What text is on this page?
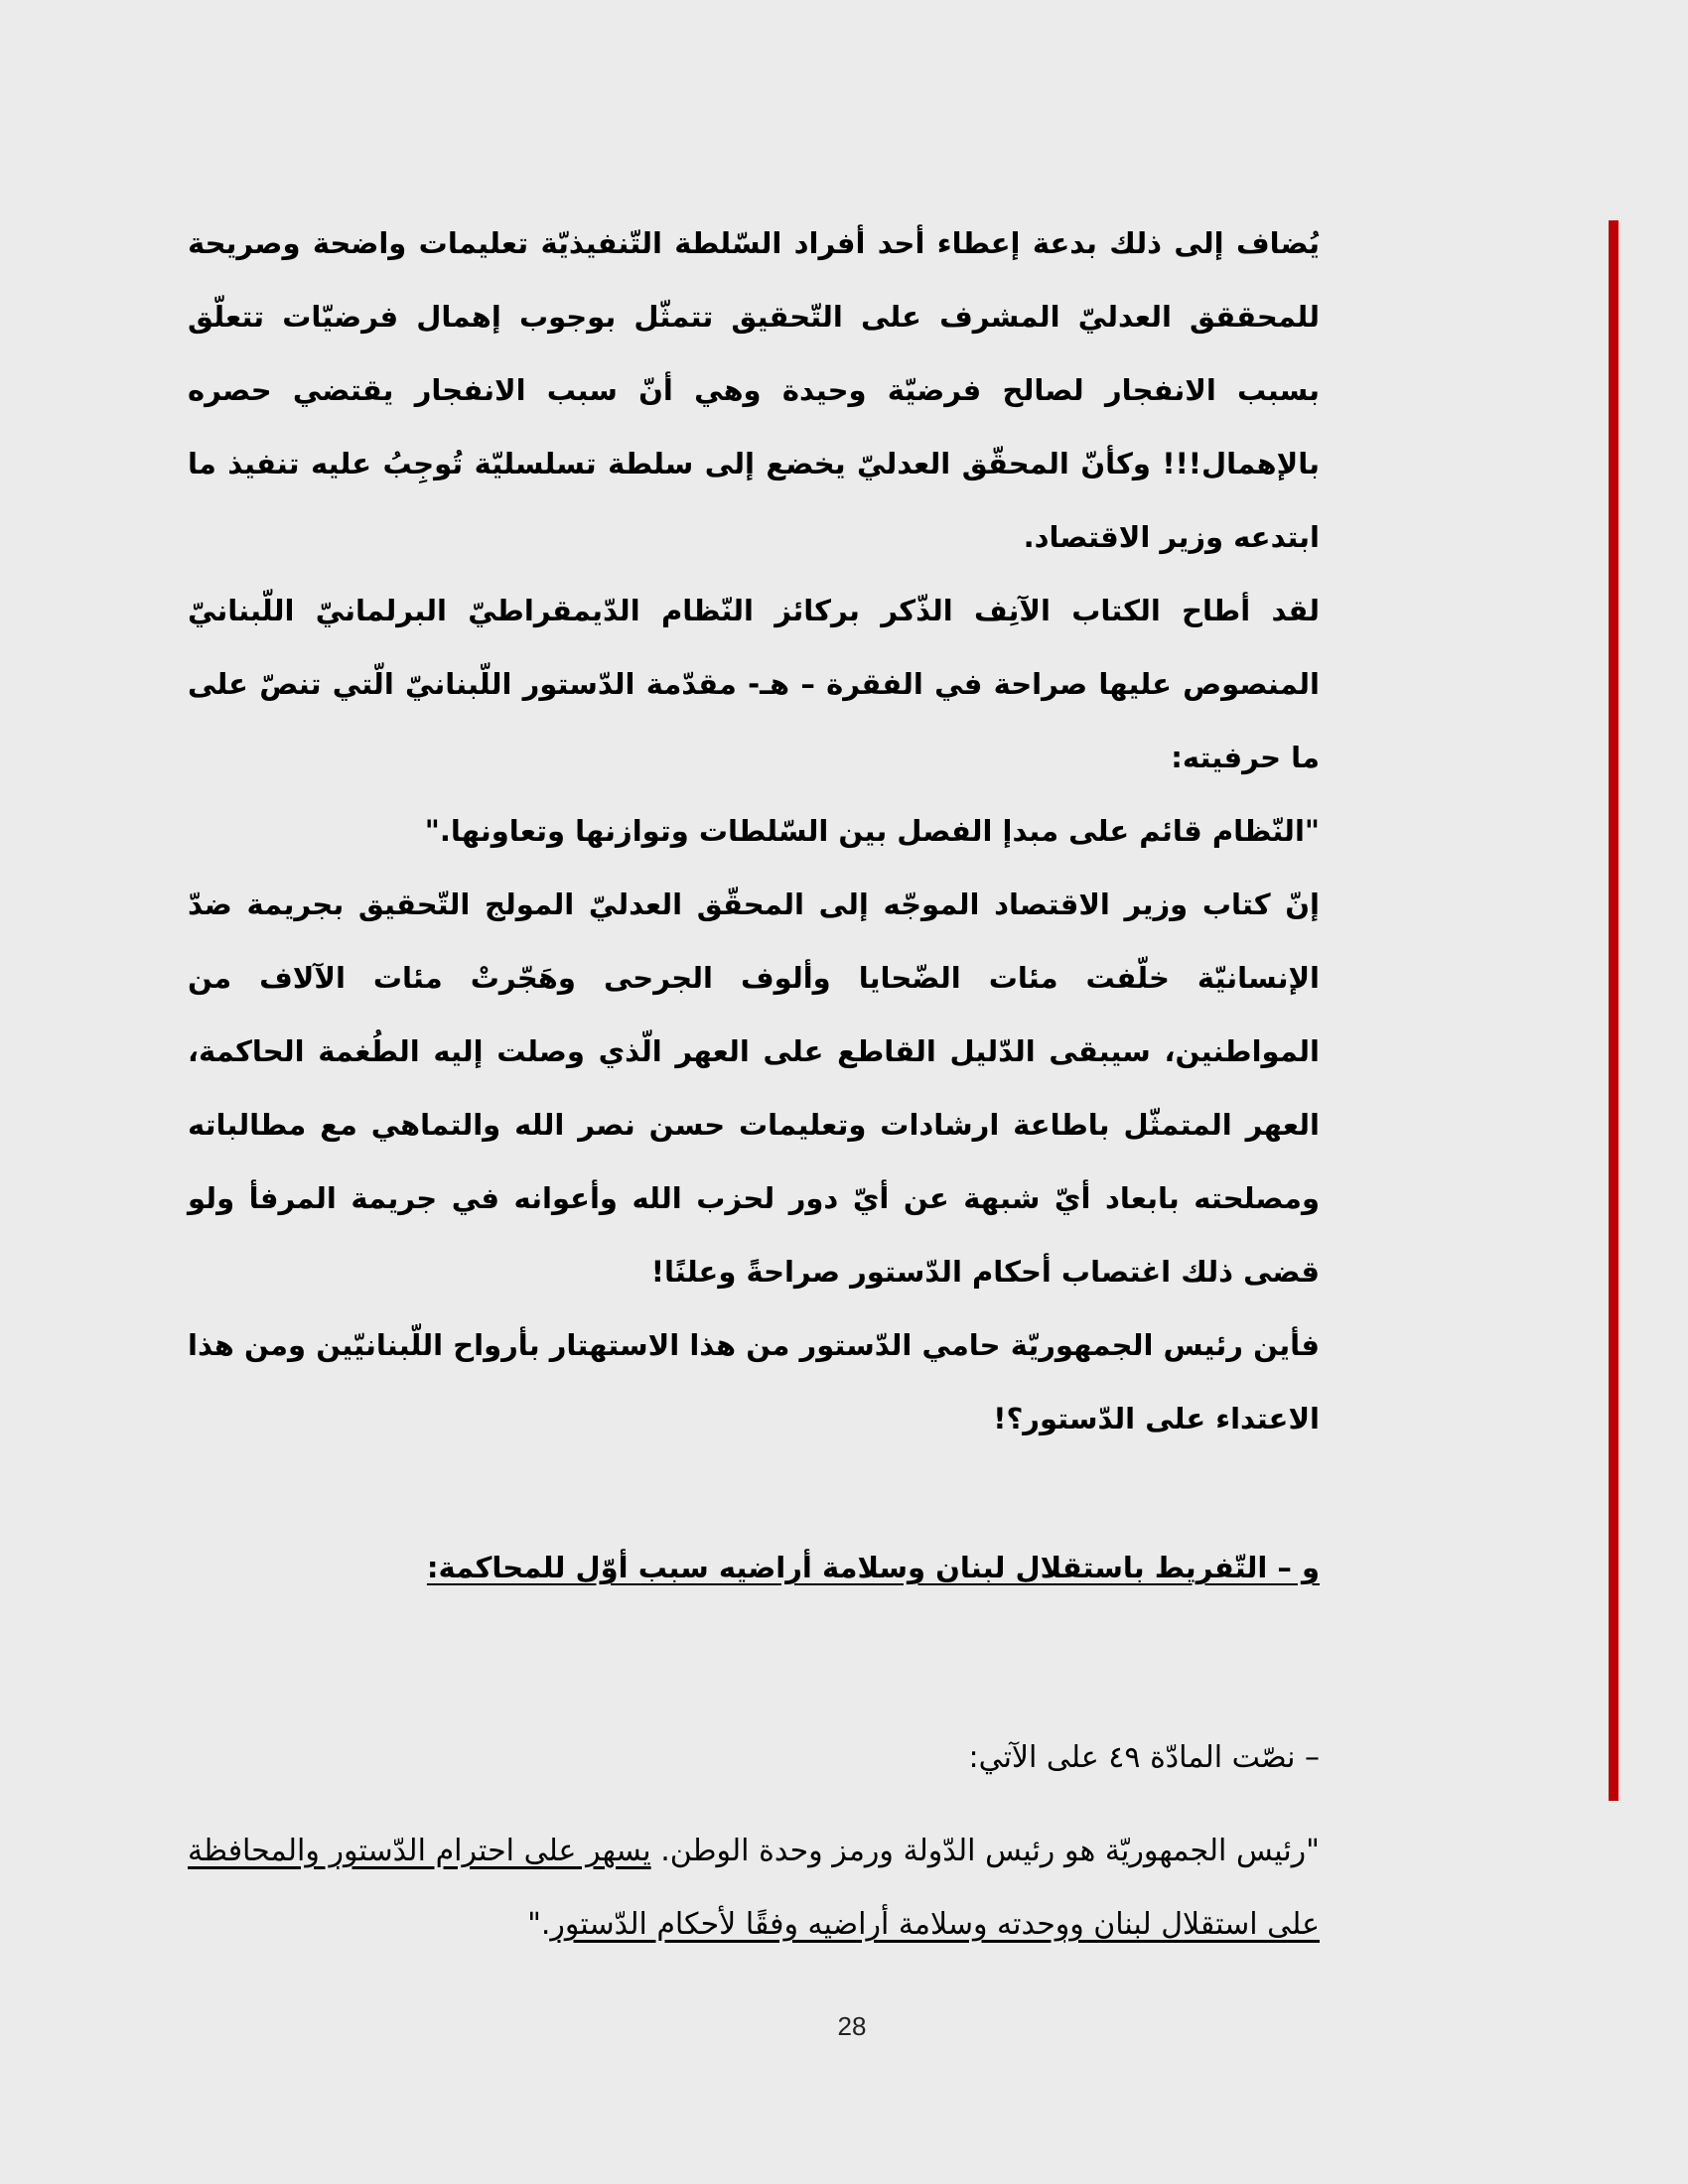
يُضاف إلى ذلك بدعة إعطاء أحد أفراد السّلطة التّنفيذيّة تعليمات واضحة وصريحة للمحققق العدليّ المشرف على التّحقيق تتمثّل بوجوب إهمال فرضيّات تتعلّق بسبب الانفجار لصالح فرضيّة وحيدة وهي أنّ سبب الانفجار يقتضي حصره بالإهمال!!! وكأنّ المحقّق العدليّ يخضع إلى سلطة تسلسليّة تُوجِبُ عليه تنفيذ ما ابتدعه وزير الاقتصاد.

لقد أطاح الكتاب الآنِف الذّكر بركائز النّظام الدّيمقراطيّ البرلمانيّ اللّبنانيّ المنصوص عليها صراحة في الفقرة – هـ- مقدّمة الدّستور اللّبنانيّ الّتي تنصّ على ما حرفيته:

"النّظام قائم على مبدإ الفصل بين السّلطات وتوازنها وتعاونها."

إنّ كتاب وزير الاقتصاد الموجّه إلى المحقّق العدليّ المولج التّحقيق بجريمة ضدّ الإنسانيّة خلّفت مئات الضّحايا وألوف الجرحى وهَجّرتْ مئات الآلاف من المواطنين، سيبقى الدّليل القاطع على العهر الّذي وصلت إليه الطُغمة الحاكمة، العهر المتمثّل باطاعة ارشادات وتعليمات حسن نصر الله والتماهي مع مطالباته ومصلحته بابعاد أيّ شبهة عن أيّ دور لحزب الله وأعوانه في جريمة المرفأ ولو قضى ذلك اغتصاب أحكام الدّستور صراحةً وعلنًا!

فأين رئيس الجمهوريّة حامي الدّستور من هذا الاستهتار بأرواح اللّبنانيّين ومن هذا الاعتداء على الدّستور؟!

و – التّفريط باستقلال لبنان وسلامة أراضيه سبب أوّل للمحاكمة:

– نصّت المادّة ٤٩ على الآتي:

"رئيس الجمهوريّة هو رئيس الدّولة ورمز وحدة الوطن. يسهر على احترام الدّستور والمحافظة على استقلال لبنان ووحدته وسلامة أراضيه وفقًا لأحكام الدّستور."

28
